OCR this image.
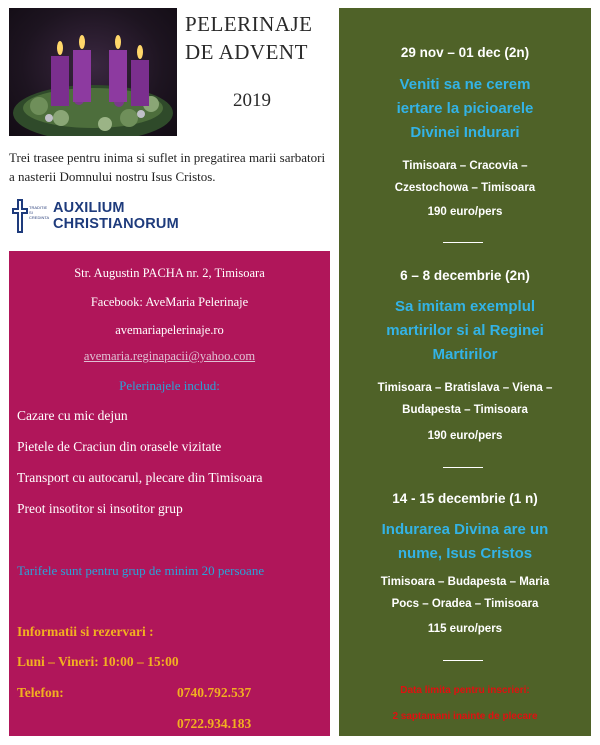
PELERINAJE
DE ADVENT
2019
Trei trasee pentru inima si suflet in pregatirea marii sarbatori a nasterii Domnului nostru Isus Cristos.
TRADITIE SI CREDINTA
AUXILIUM
CHRISTIANORUM
Str. Augustin PACHA nr. 2, Timisoara
Facebook: AveMaria Pelerinaje
avemariapelerinaje.ro
avemaria.reginapacii@yahoo.com
Pelerinajele includ:
Cazare cu mic dejun
Pietele de Craciun din orasele vizitate
Transport cu autocarul, plecare din Timisoara
Preot insotitor si insotitor grup
Tarifele sunt pentru grup de minim 20 persoane
Informatii si rezervari :
Luni – Vineri: 10:00 – 15:00
Telefon:	0740.792.537
0722.934.183
29 nov – 01 dec (2n)
Veniti sa ne cerem
iertare la picioarele
Divinei Indurari
Timisoara – Cracovia –
Czestochowa – Timisoara
190 euro/pers
6 – 8 decembrie (2n)
Sa imitam exemplul
martirilor si al Reginei
Martirilor
Timisoara – Bratislava – Viena –
Budapesta – Timisoara
190 euro/pers
14 - 15 decembrie (1 n)
Indurarea Divina are un
nume, Isus Cristos
Timisoara – Budapesta – Maria
Pocs – Oradea – Timisoara
115 euro/pers
Data limita pentru inscrieri:
2 saptamani inainte de plecare
